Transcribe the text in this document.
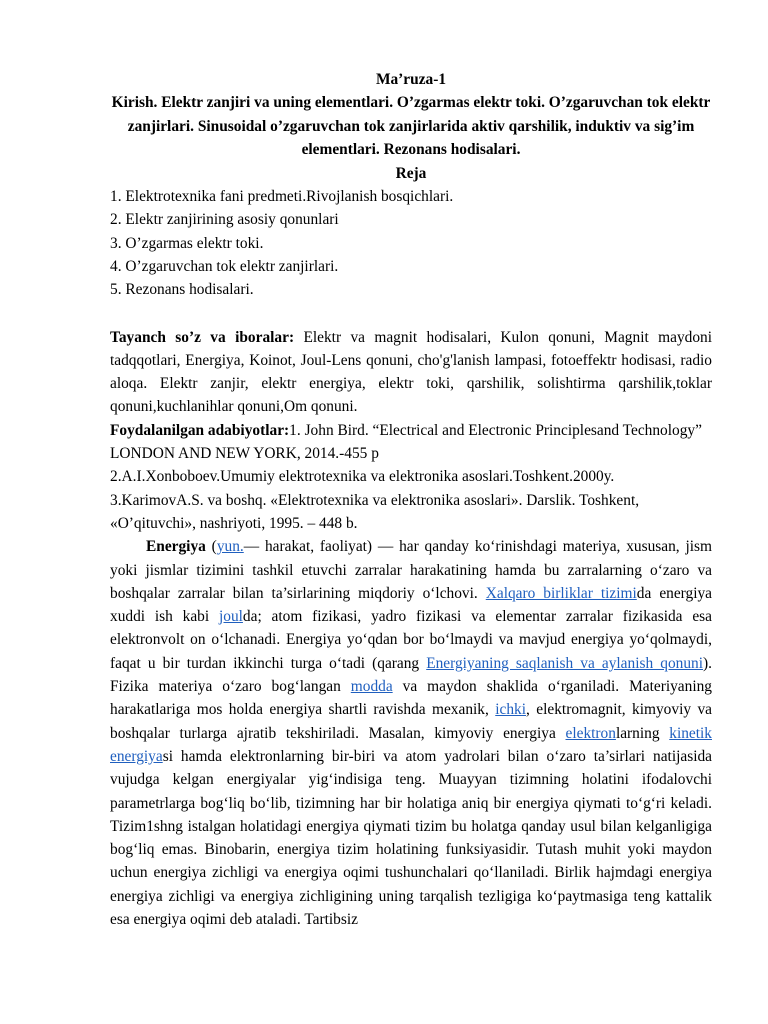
Ma’ruza-1
Kirish. Elektr zanjiri va uning elementlari. O’zgarmas elektr toki. O’zgaruvchan tok elektr zanjirlari. Sinusoidal o’zgaruvchan tok zanjirlarida aktiv qarshilik, induktiv va sig’im elementlari. Rezonans hodisalari.
Reja
1. Elektrotexnika fani predmeti.Rivojlanish bosqichlari.
2. Elektr zanjirining asosiy qonunlari
3. O’zgarmas elektr toki.
4. O’zgaruvchan tok elektr zanjirlari.
5. Rezonans hodisalari.

Tayanch so’z va iboralar: Elektr va magnit hodisalari, Kulon qonuni, Magnit maydoni tadqqotlari, Energiya, Koinot, Joul-Lens qonuni, cho'g'lanish lampasi, fotoeffektr hodisasi, radio aloqa. Elektr zanjir, elektr energiya, elektr toki, qarshilik, solishtirma qarshilik,toklar qonuni,kuchlanihlar qonuni,Om qonuni.

Foydalanilgan adabiyotlar:1. John Bird. “Electrical and Electronic Principlesand Technology” LONDON AND NEW YORK, 2014.-455 p
2.A.I.Xonboboev.Umumiy elektrotexnika va elektronika asoslari.Toshkent.2000y.
3.KarimovA.S. va boshq. «Elektrotexnika va elektronika asoslari». Darslik. Toshkent, «O’qituvchi», nashriyoti, 1995. – 448 b.

Energiya (yun.— harakat, faoliyat) — har qanday ko‘rinishdagi materiya, xususan, jism yoki jismlar tizimini tashkil etuvchi zarralar harakatining hamda bu zarralarning o‘zaro va boshqalar zarralar bilan ta’sirlarining miqdoriy o‘lchovi. Xalqaro birliklar tizimida energiya xuddi ish kabi joulda; atom fizikasi, yadro fizikasi va elementar zarralar fizikasida esa elektronvolt on o‘lchanadi. Energiya yo‘qdan bor bo‘lmaydi va mavjud energiya yo‘qolmaydi, faqat u bir turdan ikkinchi turga o‘tadi (qarang Energiyaning saqlanish va aylanish qonuni). Fizika materiya o‘zaro bog‘langan modda va maydon shaklida o‘rganiladi. Materiyaning harakatlariga mos holda energiya shartli ravishda mexanik, ichki, elektromagnit, kimyoviy va boshqalar turlarga ajratib tekshiriladi. Masalan, kimyoviy energiya elektronlarning kinetik energiyasi hamda elektronlarning bir-biri va atom yadrolari bilan o‘zaro ta’sirlari natijasida vujudga kelgan energiyalar yig‘indisiga teng. Muayyan tizimning holatini ifodalovchi parametrlarga bog‘liq bo‘lib, tizimning har bir holatiga aniq bir energiya qiymati to‘g‘ri keladi. Tizim1shng istalgan holatidagi energiya qiymati tizim bu holatga qanday usul bilan kelganligiga bog‘liq emas. Binobarin, energiya tizim holatining funksiyasidir. Tutash muhit yoki maydon uchun energiya zichligi va energiya oqimi tushunchalari qo‘llaniladi. Birlik hajmdagi energiya energiya zichligi va energiya zichligining uning tarqalish tezligiga ko‘paytmasiga teng kattalik esa energiya oqimi deb ataladi. Tartibsiz
